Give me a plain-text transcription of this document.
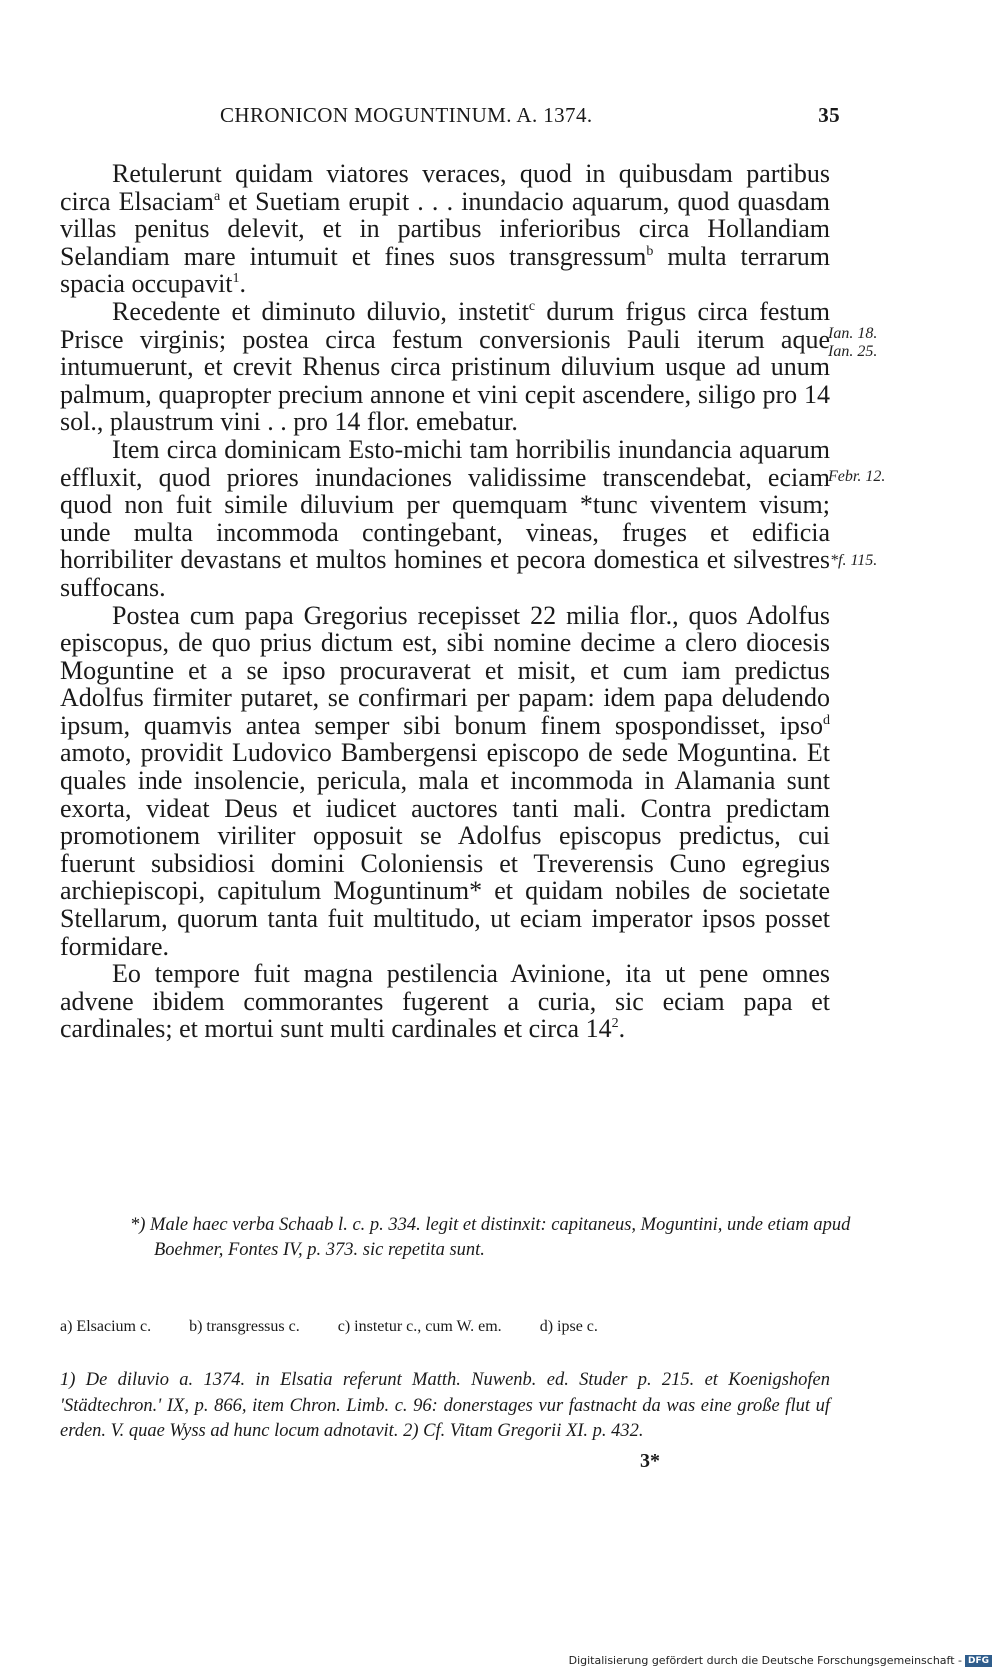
CHRONICON MOGUNTINUM. A. 1374.	35

Retulerunt quidam viatores veraces, quod in quibusdam partibus circa Elsaciam$^a$ et Suetiam erupit . . . inundacio aquarum, quod quasdam villas penitus delevit, et in partibus inferioribus circa Hollandiam Selandiam mare intumuit et fines suos transgressum$^b$ multa terrarum spacia occupavit$^1$.

Recedente et diminuto diluvio, instetit$^c$ durum frigus circa festum Prisce virginis; postea circa festum conversionis Pauli iterum aque intumuerunt, et crevit Rhenus circa pristinum diluvium usque ad unum palmum, quapropter precium annone et vini cepit ascendere, siligo pro 14 sol., plaustrum vini . . pro 14 flor. emebatur.

Item circa dominicam Esto-michi tam horribilis inundancia aquarum effluxit, quod priores inundaciones validissime transcendebat, eciam quod non fuit simile diluvium per quemquam *tunc viventem visum; unde multa incommoda contingebant, vineas, fruges et edificia horribiliter devastans et multos homines et pecora domestica et silvestres suffocans.

Postea cum papa Gregorius recepisset 22 milia flor., quos Adolfus episcopus, de quo prius dictum est, sibi nomine decime a clero diocesis Moguntine et a se ipso procuraverat et misit, et cum iam predictus Adolfus firmiter putaret, se confirmari per papam: idem papa deludendo ipsum, quamvis antea semper sibi bonum finem spospondisset, ipso$^d$ amoto, providit Ludovico Bambergensi episcopo de sede Moguntina. Et quales inde insolencie, pericula, mala et incommoda in Alamania sunt exorta, videat Deus et iudicet auctores tanti mali. Contra predictam promotionem viriliter opposuit se Adolfus episcopus predictus, cui fuerunt subsidiosi domini Coloniensis et Treverensis Cuno egregius archiepiscopi, capitulum Moguntinum* et quidam nobiles de societate Stellarum, quorum tanta fuit multitudo, ut eciam imperator ipsos posset formidare.

Eo tempore fuit magna pestilencia Avinione, ita ut pene omnes advene ibidem commorantes fugerent a curia, sic eciam papa et cardinales; et mortui sunt multi cardinales et circa $14^2$.

Ian. 18.
Ian. 25.
Febr. 12.
*f. 115.
*) Male haec verba Schaab l. c. p. 334. legit et distinxit: capitaneus, Moguntini, unde etiam apud Boehmer, Fontes IV, p. 373. sic repetita sunt.
a) Elsacium c. b) transgressus c. c) instetur c., cum W. em. d) ipse c.
1) De diluvio a. 1374. in Elsatia referunt Matth. Nuwenb. ed. Studer p. 215. et Koenigshofen 'Städtechron.' IX, p. 866, item Chron. Limb. c. 96: donerstages vur fastnacht da was eine große flut uf erden. V. quae Wyss ad hunc locum adnotavit. 2) Cf. Vitam Gregorii XI. p. 432.
3*
Digitalisierung gefördert durch die Deutsche Forschungsgemeinschaft - DFG
